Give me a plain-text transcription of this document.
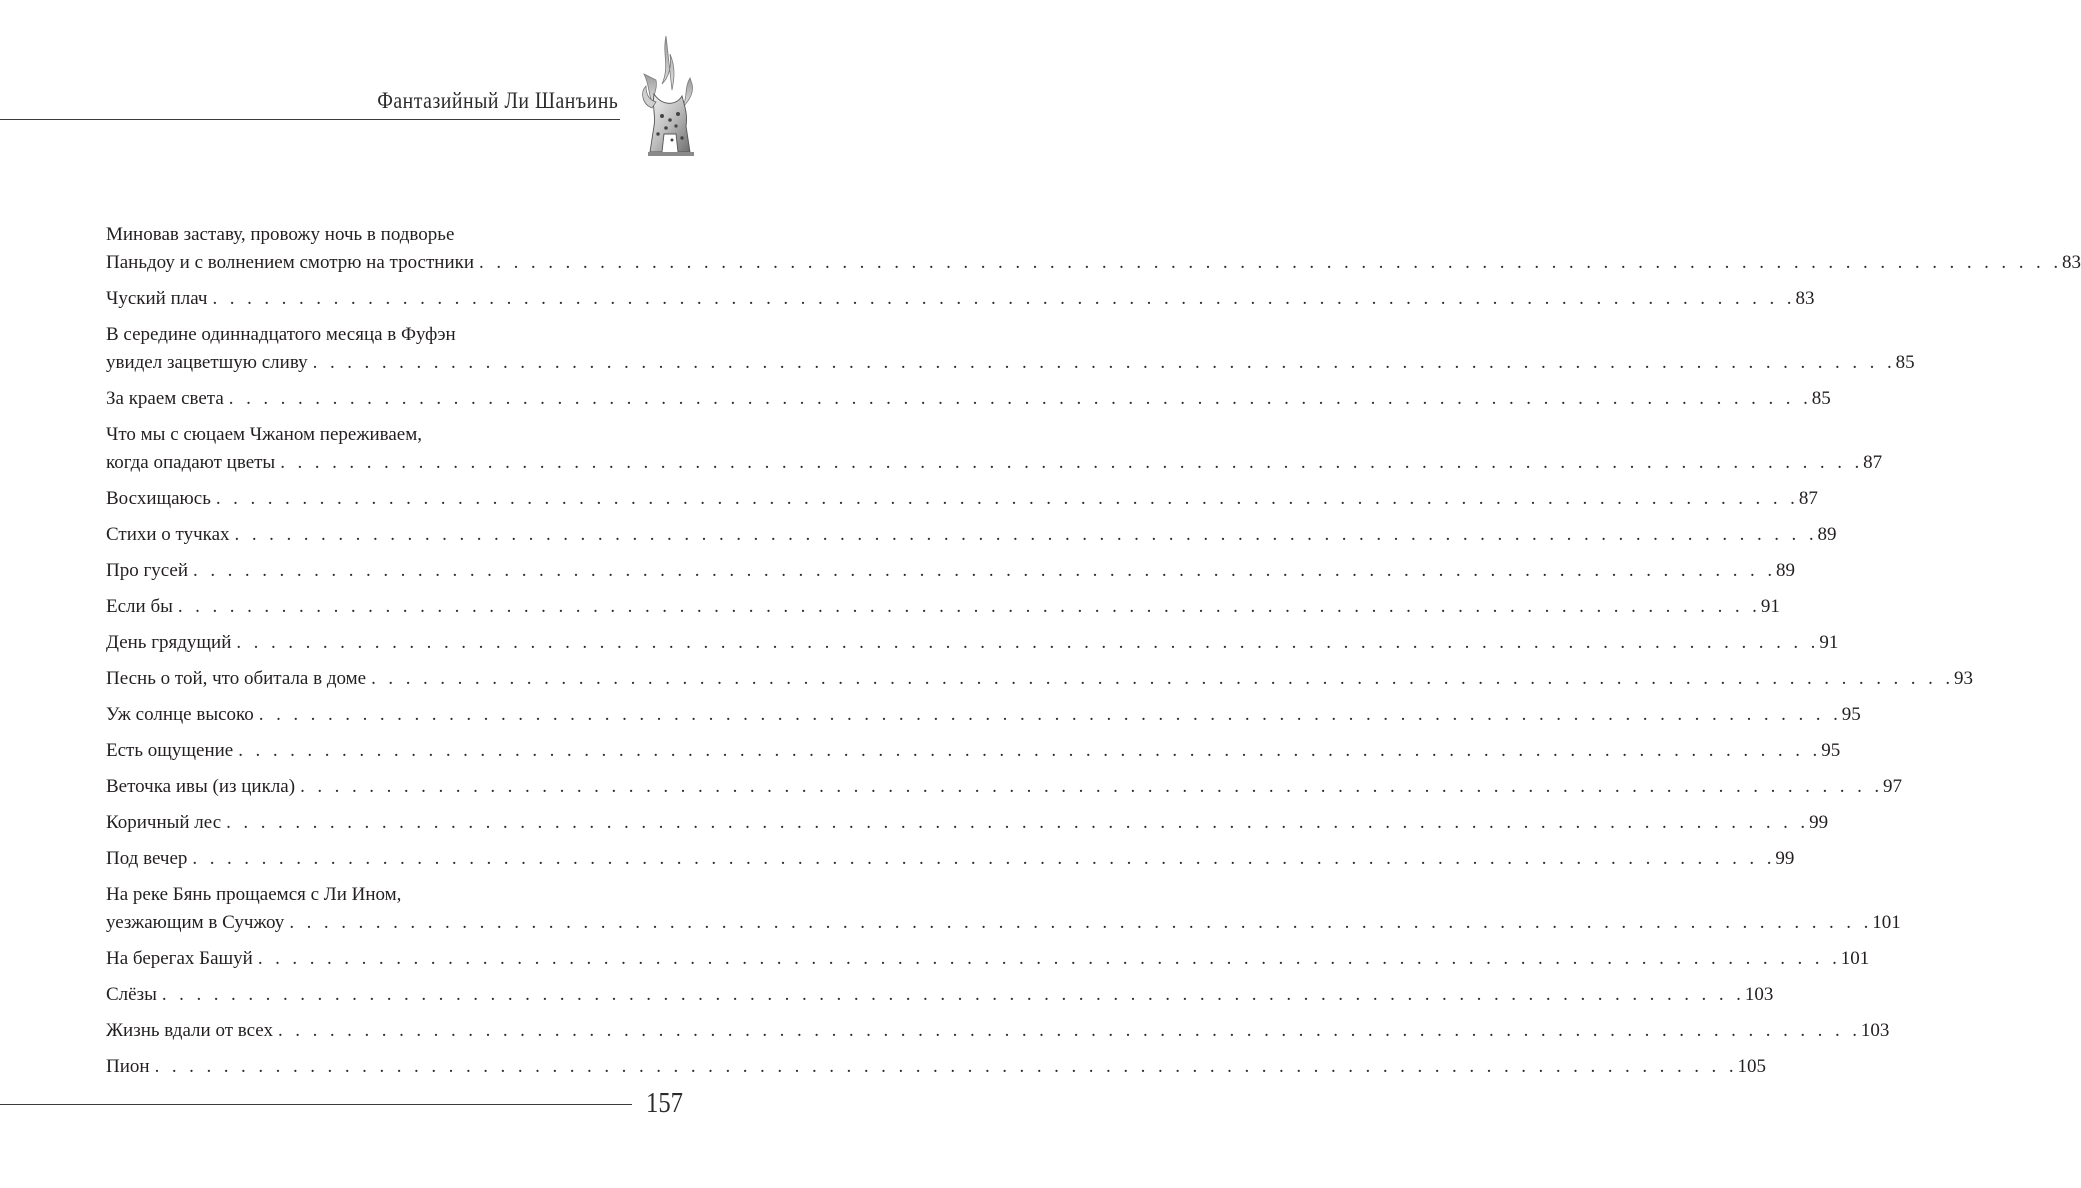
Фантазийный Ли Шанъинь
Миновав заставу, провожу ночь в подворье
Паньдоу и с волнением смотрю на тростники . . . . . . . . . . . . . . . . . . . . . . . . . . . . . . . . . . . . . . . . . . . . . . . . . . . . . . . . . . . . . . . . . . . . . . . . . . . . . . . . . . . . . . . . . . . . 83
Чуский плач . . . . . . . . . . . . . . . . . . . . . . . . . . . . . . . . . . . . . . . . . . . . . . . . . . . . . . . . . . . . . . . . . . . . . . . . . . . . . . . . . . . . . . . . . . . . 83
В середине одиннадцатого месяца в Фуфэн
увидел зацветшую сливу . . . . . . . . . . . . . . . . . . . . . . . . . . . . . . . . . . . . . . . . . . . . . . . . . . . . . . . . . . . . . . . . . . . . . . . . . . . . . . . . . . . . . . . . . . . . 85
За краем света . . . . . . . . . . . . . . . . . . . . . . . . . . . . . . . . . . . . . . . . . . . . . . . . . . . . . . . . . . . . . . . . . . . . . . . . . . . . . . . . . . . . . . . . . . . . 85
Что мы с сюцаем Чжаном переживаем,
когда опадают цветы . . . . . . . . . . . . . . . . . . . . . . . . . . . . . . . . . . . . . . . . . . . . . . . . . . . . . . . . . . . . . . . . . . . . . . . . . . . . . . . . . . . . . . . . . . . . 87
Восхищаюсь . . . . . . . . . . . . . . . . . . . . . . . . . . . . . . . . . . . . . . . . . . . . . . . . . . . . . . . . . . . . . . . . . . . . . . . . . . . . . . . . . . . . . . . . . . . . 87
Стихи о тучках . . . . . . . . . . . . . . . . . . . . . . . . . . . . . . . . . . . . . . . . . . . . . . . . . . . . . . . . . . . . . . . . . . . . . . . . . . . . . . . . . . . . . . . . . . . . 89
Про гусей . . . . . . . . . . . . . . . . . . . . . . . . . . . . . . . . . . . . . . . . . . . . . . . . . . . . . . . . . . . . . . . . . . . . . . . . . . . . . . . . . . . . . . . . . . . . 89
Если бы . . . . . . . . . . . . . . . . . . . . . . . . . . . . . . . . . . . . . . . . . . . . . . . . . . . . . . . . . . . . . . . . . . . . . . . . . . . . . . . . . . . . . . . . . . . . 91
День грядущий . . . . . . . . . . . . . . . . . . . . . . . . . . . . . . . . . . . . . . . . . . . . . . . . . . . . . . . . . . . . . . . . . . . . . . . . . . . . . . . . . . . . . . . . . . . . 91
Песнь о той, что обитала в доме . . . . . . . . . . . . . . . . . . . . . . . . . . . . . . . . . . . . . . . . . . . . . . . . . . . . . . . . . . . . . . . . . . . . . . . . . . . . . . . . . . . . . . . . . . . . 93
Уж солнце высоко . . . . . . . . . . . . . . . . . . . . . . . . . . . . . . . . . . . . . . . . . . . . . . . . . . . . . . . . . . . . . . . . . . . . . . . . . . . . . . . . . . . . . . . . . . . . 95
Есть ощущение . . . . . . . . . . . . . . . . . . . . . . . . . . . . . . . . . . . . . . . . . . . . . . . . . . . . . . . . . . . . . . . . . . . . . . . . . . . . . . . . . . . . . . . . . . . . 95
Веточка ивы (из цикла) . . . . . . . . . . . . . . . . . . . . . . . . . . . . . . . . . . . . . . . . . . . . . . . . . . . . . . . . . . . . . . . . . . . . . . . . . . . . . . . . . . . . . . . . . . . . 97
Коричный лес . . . . . . . . . . . . . . . . . . . . . . . . . . . . . . . . . . . . . . . . . . . . . . . . . . . . . . . . . . . . . . . . . . . . . . . . . . . . . . . . . . . . . . . . . . . . 99
Под вечер . . . . . . . . . . . . . . . . . . . . . . . . . . . . . . . . . . . . . . . . . . . . . . . . . . . . . . . . . . . . . . . . . . . . . . . . . . . . . . . . . . . . . . . . . . . . 99
На реке Бянь прощаемся с Ли Ином,
уезжающим в Сучжоу . . . . . . . . . . . . . . . . . . . . . . . . . . . . . . . . . . . . . . . . . . . . . . . . . . . . . . . . . . . . . . . . . . . . . . . . . . . . . . . . . . . . . . . . . . . . 101
На берегах Башуй . . . . . . . . . . . . . . . . . . . . . . . . . . . . . . . . . . . . . . . . . . . . . . . . . . . . . . . . . . . . . . . . . . . . . . . . . . . . . . . . . . . . . . . . . . . . 101
Слёзы . . . . . . . . . . . . . . . . . . . . . . . . . . . . . . . . . . . . . . . . . . . . . . . . . . . . . . . . . . . . . . . . . . . . . . . . . . . . . . . . . . . . . . . . . . . . 103
Жизнь вдали от всех . . . . . . . . . . . . . . . . . . . . . . . . . . . . . . . . . . . . . . . . . . . . . . . . . . . . . . . . . . . . . . . . . . . . . . . . . . . . . . . . . . . . . . . . . . . . 103
Пион . . . . . . . . . . . . . . . . . . . . . . . . . . . . . . . . . . . . . . . . . . . . . . . . . . . . . . . . . . . . . . . . . . . . . . . . . . . . . . . . . . . . . . . . . . . . 105
157
